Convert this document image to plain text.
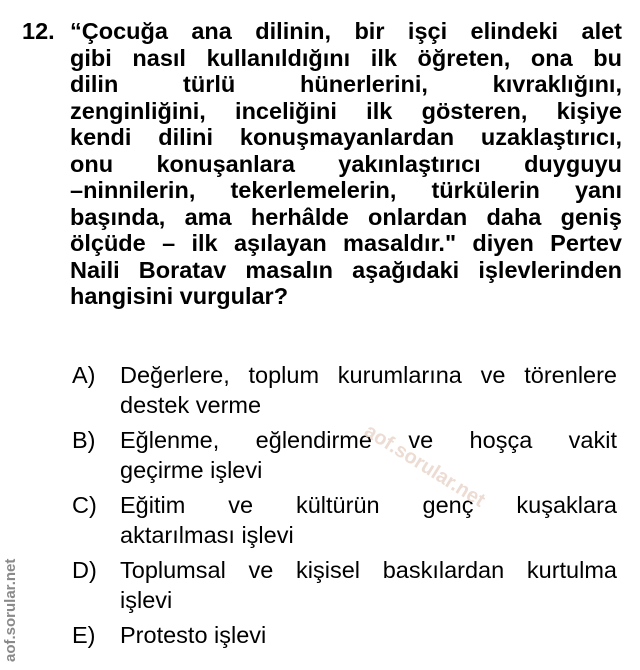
12. “Çocuğa ana dilinin, bir işçi elindeki alet
gibi nasıl kullanıldığını ilk öğreten, ona bu
dilin türlü hünerlerini, kıvraklığını,
zenginliğini, inceliğini ilk gösteren, kişiye
kendi dilini konuşmayanlardan uzaklaştırıcı,
onu konuşanlara yakınlaştırıcı duyguyu
–ninnilerin, tekerlemelerin, türkülerin yanı
başında, ama herhâlde onlardan daha geniş
ölçüde – ilk aşılayan masaldır." diyen Pertev
Naili Boratav masalın aşağıdaki işlevlerinden
hangisini vurgular?
A) Değerlere, toplum kurumlarına ve törenlere
destek verme
B) Eğlenme, eğlendirme ve hoşça vakit
geçirme işlevi
C) Eğitim ve kültürün genç kuşaklara
aktarılması işlevi
D) Toplumsal ve kişisel baskılardan kurtulma
işlevi
E) Protesto işlevi
aof.sorular.net
aof.sorular.net
